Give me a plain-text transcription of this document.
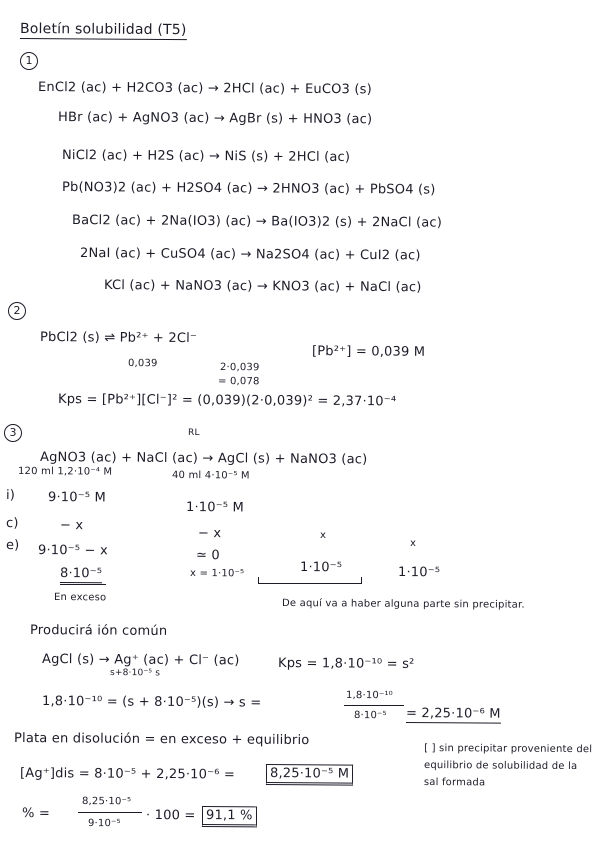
Boletín solubilidad (T5)
1
EnCl2 (ac) + H2CO3 (ac) → 2HCl (ac) + EuCO3 (s)
HBr (ac) + AgNO3 (ac) → AgBr (s) + HNO3 (ac)
NiCl2 (ac) + H2S (ac) → NiS (s) + 2HCl (ac)
Pb(NO3)2 (ac) + H2SO4 (ac) → 2HNO3 (ac) + PbSO4 (s)
BaCl2 (ac) + 2Na(IO3) (ac) → Ba(IO3)2 (s) + 2NaCl (ac)
2NaI (ac) + CuSO4 (ac) → Na2SO4 (ac) + CuI2 (ac)
KCl (ac) + NaNO3 (ac) → KNO3 (ac) + NaCl (ac)
2
PbCl2 (s) ⇌ Pb²⁺ + 2Cl⁻
[Pb²⁺] = 0,039 M
0,039	2·0,039
= 0,078
Kps = [Pb²⁺][Cl⁻]² = (0,039)(2·0,039)² = 2,37·10⁻⁴
3	RL
AgNO3 (ac) + NaCl (ac) → AgCl (s) + NaNO3 (ac)
120 ml 1,2·10⁻⁴ M	40 ml 4·10⁻⁵ M
i)	9·10⁻⁵ M
1·10⁻⁵ M
c)	− x
− x	x
x
e) 9·10⁻⁵ − x	≃ 0
x = 1·10⁻⁵	1·10⁻⁵	1·10⁻⁵
8·10⁻⁵
En exceso
De aquí va a haber alguna parte sin precipitar.
Producirá ión común
AgCl (s) → Ag⁺ (ac) + Cl⁻ (ac)
s+8·10⁻⁵ s
Kps = 1,8·10⁻¹⁰ = s²
1,8·10⁻¹⁰ = (s + 8·10⁻⁵)(s) → s =	1,8·10⁻¹⁰
8·10⁻⁵ = 2,25·10⁻⁶ M
Plata en disolución = en exceso + equilibrio
[ ] sin precipitar proveniente del equilibrio de solubilidad de la sal formada
[Ag⁺]dis = 8·10⁻⁵ + 2,25·10⁻⁶ =	8,25·10⁻⁵ M
% =
8,25·10⁻⁵
9·10⁻⁵
· 100 = 91,1 %
